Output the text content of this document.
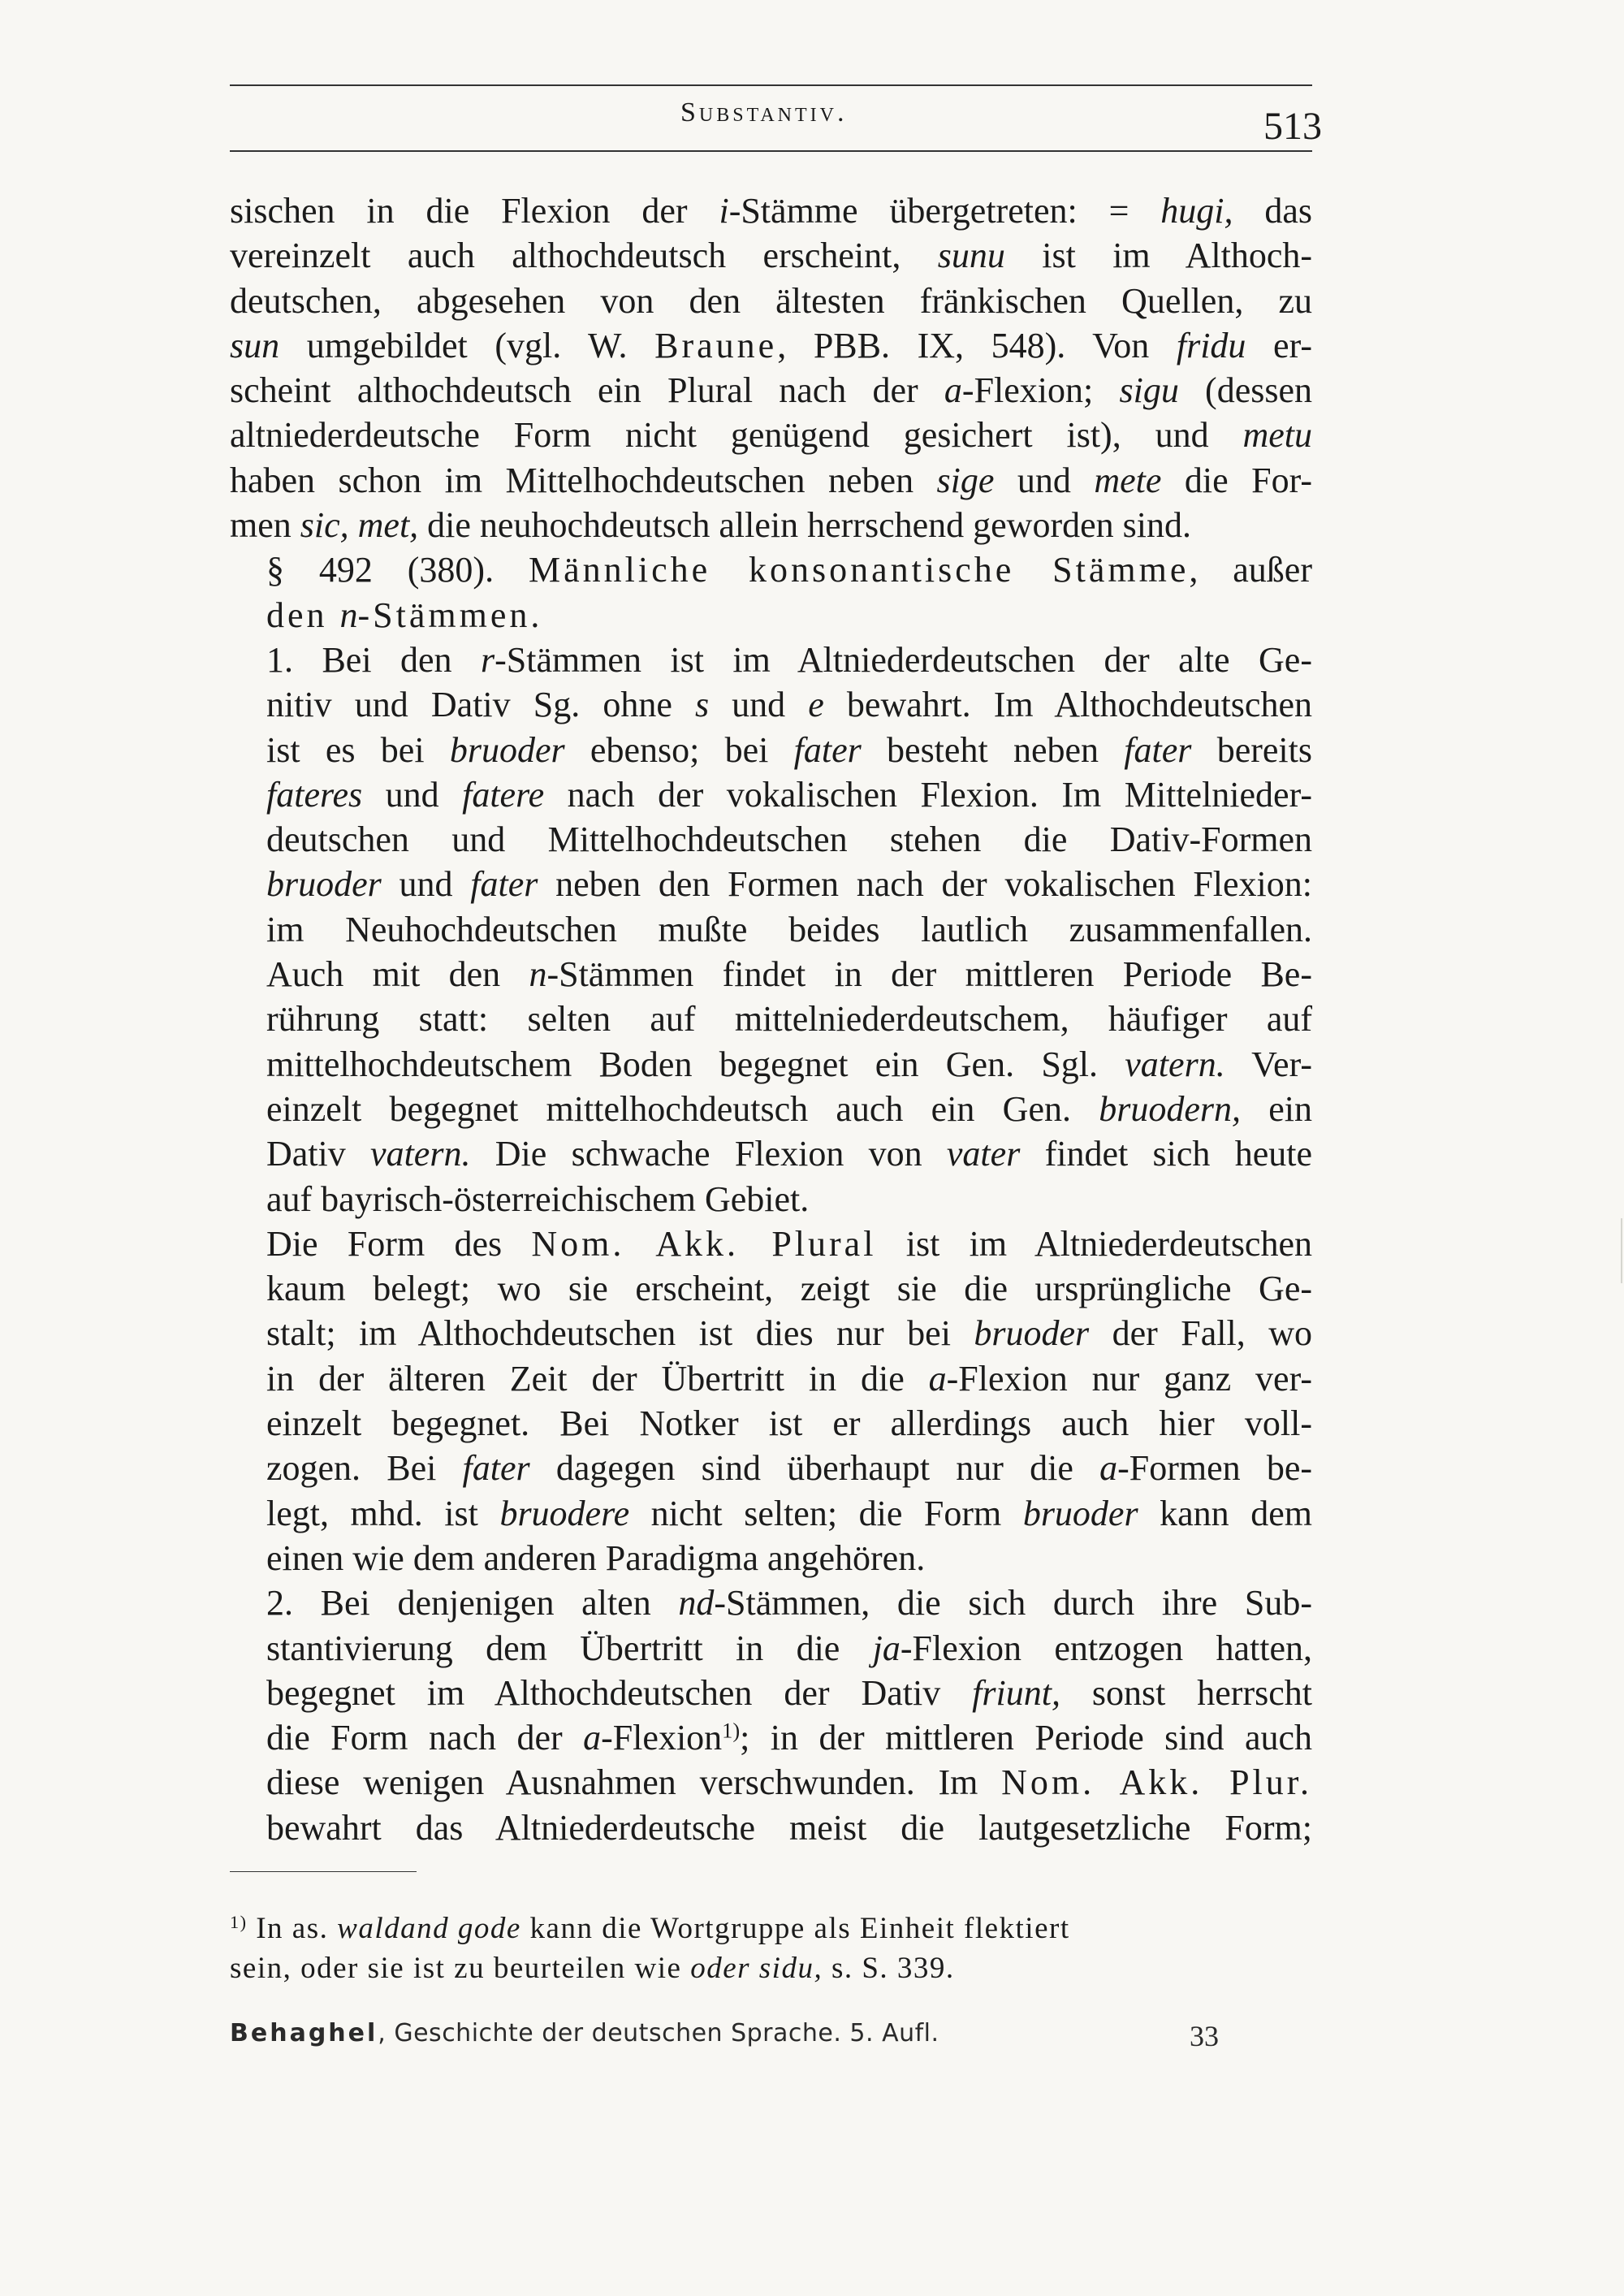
Substantiv.	513

sischen in die Flexion der i-Stämme übergetreten: = hugi, das
vereinzelt auch althochdeutsch erscheint, sunu ist im Althoch-
deutschen, abgesehen von den ältesten fränkischen Quellen, zu
sun umgebildet (vgl. W. Braune, PBB. IX, 548). Von fridu er-
scheint althochdeutsch ein Plural nach der a-Flexion; sigu (dessen
altniederdeutsche Form nicht genügend gesichert ist), und metu
haben schon im Mittelhochdeutschen neben sige und mete die For-
men sic, met, die neuhochdeutsch allein herrschend geworden sind.

§ 492 (380). Männliche konsonantische Stämme, außer
den n-Stämmen.

1. Bei den r-Stämmen ist im Altniederdeutschen der alte Ge-
nitiv und Dativ Sg. ohne s und e bewahrt. Im Althochdeutschen
ist es bei bruoder ebenso; bei fater besteht neben fater bereits
fateres und fatere nach der vokalischen Flexion. Im Mittelnieder-
deutschen und Mittelhochdeutschen stehen die Dativ-Formen
bruoder und fater neben den Formen nach der vokalischen Flexion:
im Neuhochdeutschen mußte beides lautlich zusammenfallen.
Auch mit den n-Stämmen findet in der mittleren Periode Be-
rührung statt: selten auf mittelniederdeutschem, häufiger auf
mittelhochdeutschem Boden begegnet ein Gen. Sgl. vatern. Ver-
einzelt begegnet mittelhochdeutsch auch ein Gen. bruodern, ein
Dativ vatern. Die schwache Flexion von vater findet sich heute
auf bayrisch-österreichischem Gebiet.

Die Form des Nom. Akk. Plural ist im Altniederdeutschen
kaum belegt; wo sie erscheint, zeigt sie die ursprüngliche Ge-
stalt; im Althochdeutschen ist dies nur bei bruoder der Fall, wo
in der älteren Zeit der Übertritt in die a-Flexion nur ganz ver-
einzelt begegnet. Bei Notker ist er allerdings auch hier voll-
zogen. Bei fater dagegen sind überhaupt nur die a-Formen be-
legt, mhd. ist bruodere nicht selten; die Form bruoder kann dem
einen wie dem anderen Paradigma angehören.

2. Bei denjenigen alten nd-Stämmen, die sich durch ihre Sub-
stantivierung dem Übertritt in die ja-Flexion entzogen hatten,
begegnet im Althochdeutschen der Dativ friunt, sonst herrscht
die Form nach der a-Flexion$^{1)}$; in der mittleren Periode sind auch
diese wenigen Ausnahmen verschwunden. Im Nom. Akk. Plur.
bewahrt das Altniederdeutsche meist die lautgesetzliche Form;

$^{1)}$ In as. waldand gode kann die Wortgruppe als Einheit flektiert
sein, oder sie ist zu beurteilen wie oder sidu, s. S. 339.
Behaghel, Geschichte der deutschen Sprache. 5. Aufl.	33
